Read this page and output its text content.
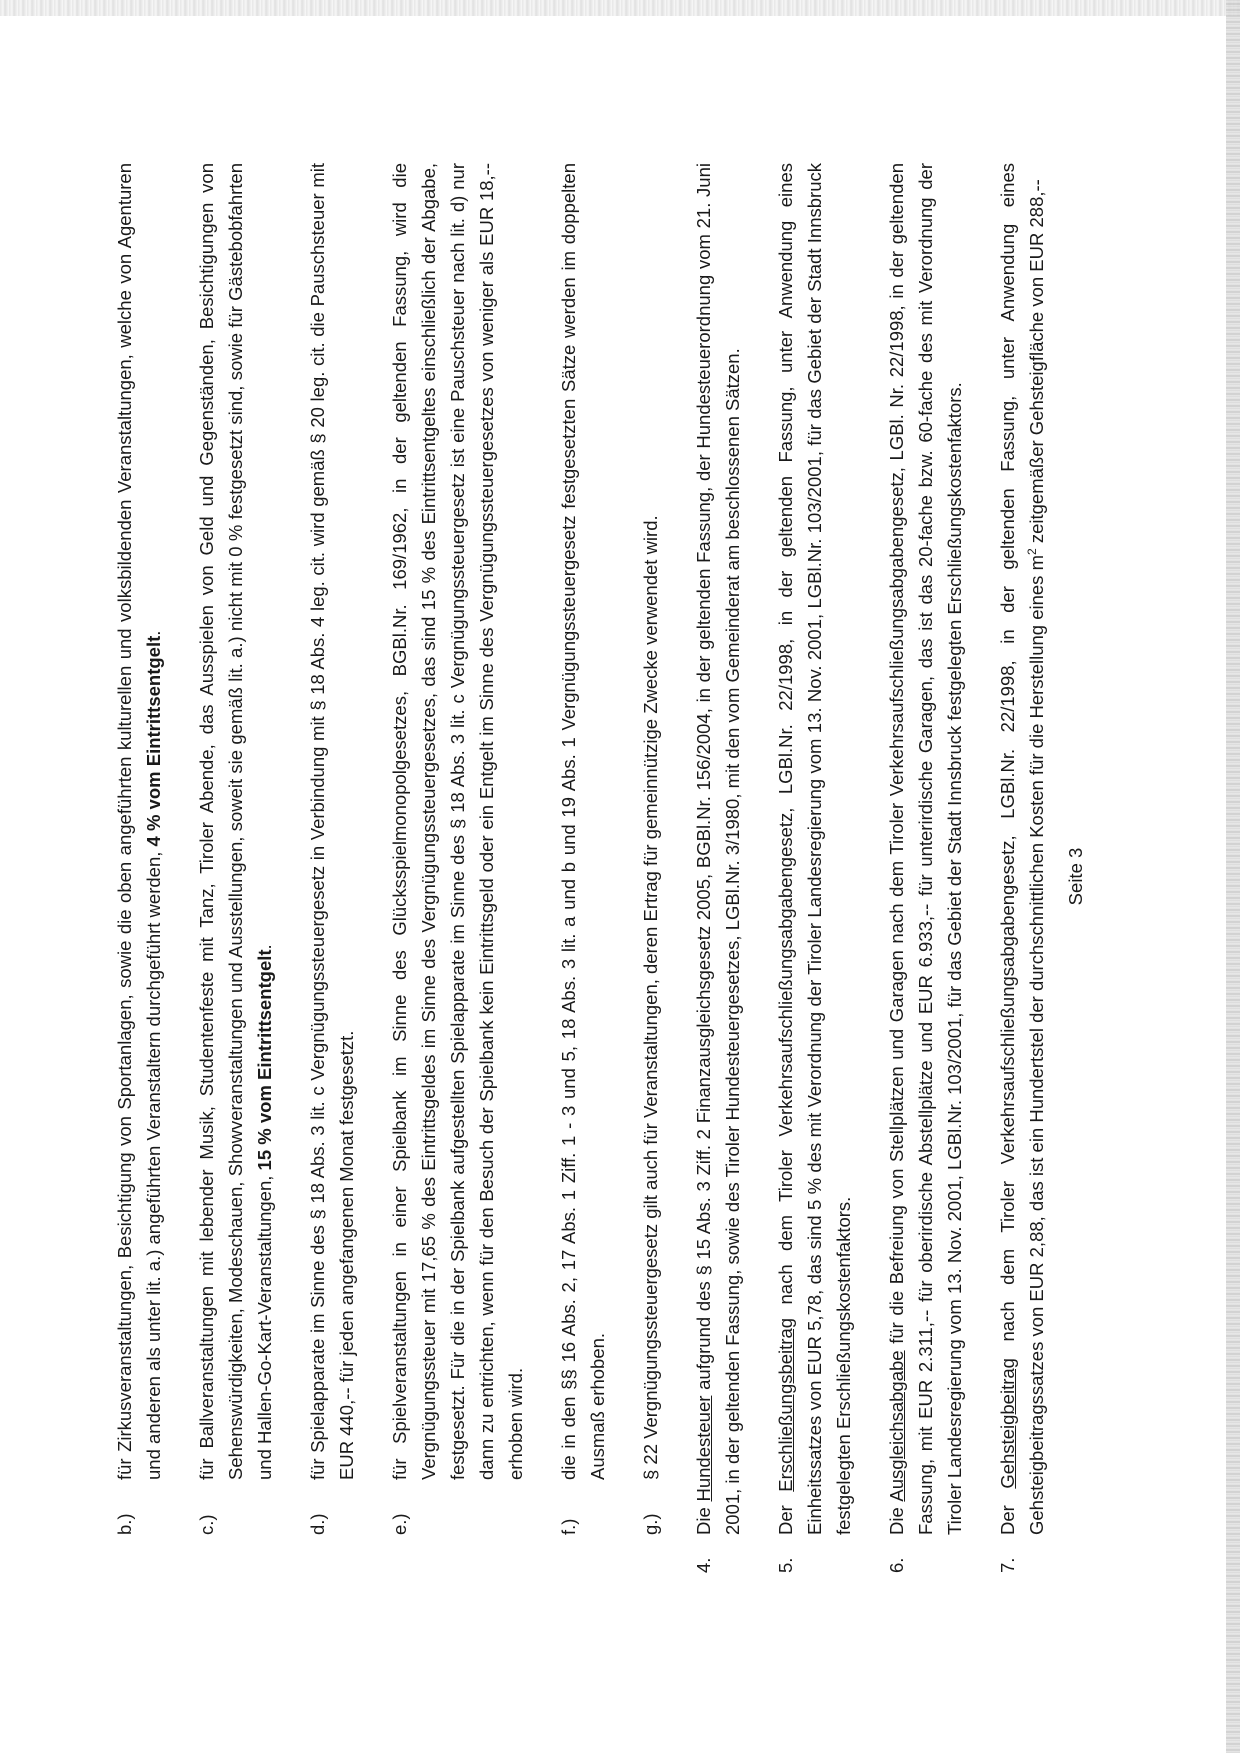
b.)
für Zirkusveranstaltungen, Besichtigung von Sportanlagen, sowie die oben angeführten kulturellen und volksbildenden Veranstaltungen, welche von Agenturen und anderen als unter lit. a.) angeführten Veranstaltern durchgeführt werden, 4 % vom Eintrittsentgelt.
c.)
für Ballveranstaltungen mit lebender Musik, Studentenfeste mit Tanz, Tiroler Abende, das Ausspielen von Geld und Gegenständen, Besichtigungen von Sehenswürdigkeiten, Modeschauen, Showveranstaltungen und Ausstellungen, soweit sie gemäß lit. a.) nicht mit 0 % festgesetzt sind, sowie für Gästebobfahrten und Hallen-Go-Kart-Veranstaltungen, 15 % vom Eintrittsentgelt.
d.)
für Spielapparate im Sinne des § 18 Abs. 3 lit. c Vergnügungssteuergesetz in Verbindung mit § 18 Abs. 4 leg. cit. wird gemäß § 20 leg. cit. die Pauschsteuer mit EUR 440,-- für jeden angefangenen Monat festgesetzt.
e.)
für Spielveranstaltungen in einer Spielbank im Sinne des Glücksspielmonopolgesetzes, BGBl.Nr. 169/1962, in der geltenden Fassung, wird die Vergnügungssteuer mit 17,65 % des Eintrittsgeldes im Sinne des Vergnügungssteuergesetzes, das sind 15 % des Eintrittsentgeltes einschließlich der Abgabe, festgesetzt. Für die in der Spielbank aufgestellten Spielapparate im Sinne des § 18 Abs. 3 lit. c Vergnügungssteuergesetz ist eine Pauschsteuer nach lit. d) nur dann zu entrichten, wenn für den Besuch der Spielbank kein Eintrittsgeld oder ein Entgelt im Sinne des Vergnügungssteuergesetzes von weniger als EUR 18,-- erhoben wird.
f.)
die in den §§ 16 Abs. 2, 17 Abs. 1 Ziff. 1 - 3 und 5, 18 Abs. 3 lit. a und b und 19 Abs. 1 Vergnügungssteuergesetz festgesetzten Sätze werden im doppelten Ausmaß erhoben.
g.)
§ 22 Vergnügungssteuergesetz gilt auch für Veranstaltungen, deren Ertrag für gemeinnützige Zwecke verwendet wird.
4.
Die Hundesteuer aufgrund des § 15 Abs. 3 Ziff. 2 Finanzausgleichsgesetz 2005, BGBl.Nr. 156/2004, in der geltenden Fassung, der Hundesteuerordnung vom 21. Juni 2001, in der geltenden Fassung, sowie des Tiroler Hundesteuergesetzes, LGBl.Nr. 3/1980, mit den vom Gemeinderat am beschlossenen Sätzen.
5.
Der Erschließungsbeitrag nach dem Tiroler Verkehrsaufschließungsabgabengesetz, LGBl.Nr. 22/1998, in der geltenden Fassung, unter Anwendung eines Einheitssatzes von EUR 5,78, das sind 5 % des mit Verordnung der Tiroler Landesregierung vom 13. Nov. 2001, LGBl.Nr. 103/2001, für das Gebiet der Stadt Innsbruck festgelegten Erschließungskostenfaktors.
6.
Die Ausgleichsabgabe für die Befreiung von Stellplätzen und Garagen nach dem Tiroler Verkehrsaufschließungsabgabengesetz, LGBl. Nr. 22/1998, in der geltenden Fassung, mit EUR 2.311,-- für oberirdische Abstellplätze und EUR 6.933,-- für unterirdische Garagen, das ist das 20-fache bzw. 60-fache des mit Verordnung der Tiroler Landesregierung vom 13. Nov. 2001, LGBl.Nr. 103/2001, für das Gebiet der Stadt Innsbruck festgelegten Erschließungskostenfaktors.
7.
Der Gehsteigbeitrag nach dem Tiroler Verkehrsaufschließungsabgabengesetz, LGBl.Nr. 22/1998, in der geltenden Fassung, unter Anwendung eines Gehsteigbeitragssatzes von EUR 2,88, das ist ein Hundertstel der durchschnittlichen Kosten für die Herstellung eines $m^2$ zeitgemäßer Gehsteigfläche von EUR 288,--
Seite 3
